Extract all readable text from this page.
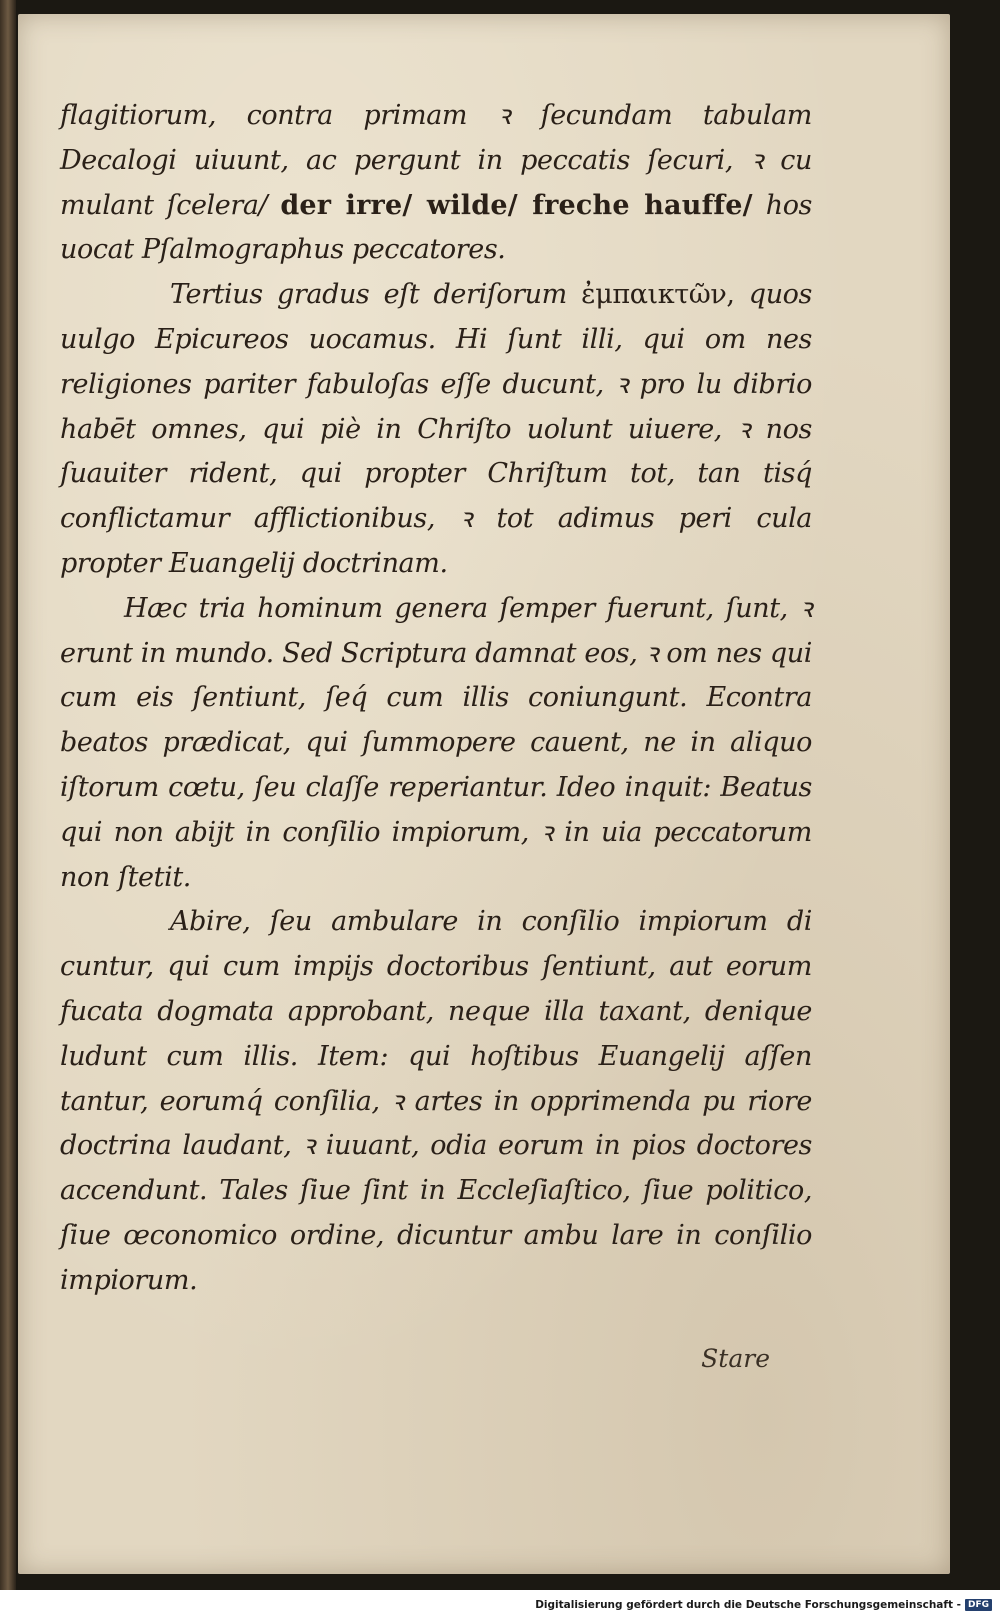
flagitiorum, contra primam ꝛ ſecundam tabulam Decalogi uiuunt, ac pergunt in peccatis ſecuri, ꝛ cu mulant ſcelera/ der irre/ wilde/ freche hauffe/ hos uocat Pſalmographus peccatores.

Tertius gradus eſt deriſorum ἐμπαικτῶν, quos uulgo Epicureos uocamus. Hi ſunt illi, qui om nes religiones pariter fabuloſas eſſe ducunt, ꝛ pro lu dibrio habēt omnes, qui piè in Chriſto uolunt uiuere, ꝛ nos ſuauiter rident, qui propter Chriſtum tot, tan tisq́ conflictamur afflictionibus, ꝛ tot adimus peri cula propter Euangelij doctrinam.

Hæc tria hominum genera ſemper fuerunt, ſunt, ꝛ erunt in mundo. Sed Scriptura damnat eos, ꝛ om nes qui cum eis ſentiunt, ſeq́ cum illis coniungunt. Econtra beatos prædicat, qui ſummopere cauent, ne in aliquo iſtorum cœtu, ſeu claſſe reperiantur. Ideo inquit: Beatus qui non abijt in conſilio impiorum, ꝛ in uia peccatorum non ſtetit.

Abire, ſeu ambulare in conſilio impiorum di cuntur, qui cum impijs doctoribus ſentiunt, aut eorum fucata dogmata approbant, neque illa taxant, denique ludunt cum illis. Item: qui hoſtibus Euangelij aſſen tantur, eorumq́ conſilia, ꝛ artes in opprimenda pu riore doctrina laudant, ꝛ iuuant, odia eorum in pios doctores accendunt. Tales ſiue ſint in Eccleſiaſtico, ſiue politico, ſiue œconomico ordine, dicuntur ambu lare in conſilio impiorum.

Stare
Digitalisierung gefördert durch die Deutsche Forschungsgemeinschaft - DFG
